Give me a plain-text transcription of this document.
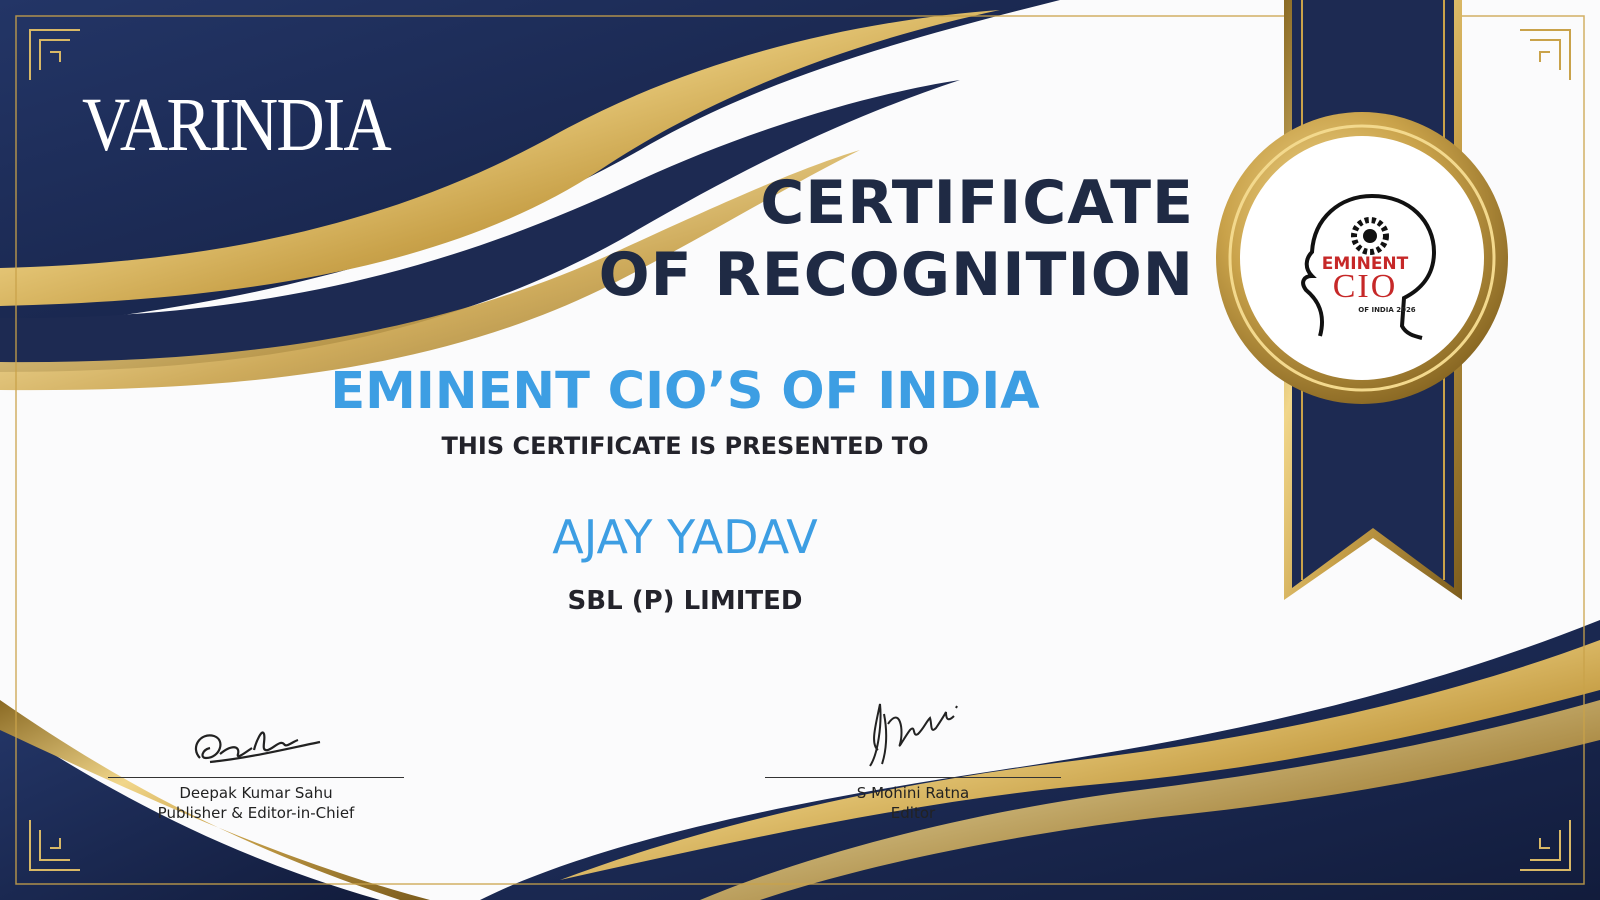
EMINENT
CIO
OF INDIA 2026
VARINDIA
CERTIFICATE
OF RECOGNITION
EMINENT CIO’S OF INDIA
THIS CERTIFICATE IS PRESENTED TO
AJAY YADAV
SBL (P) LIMITED
Deepak Kumar Sahu
Publisher & Editor-in-Chief
S Mohini Ratna
Editor
